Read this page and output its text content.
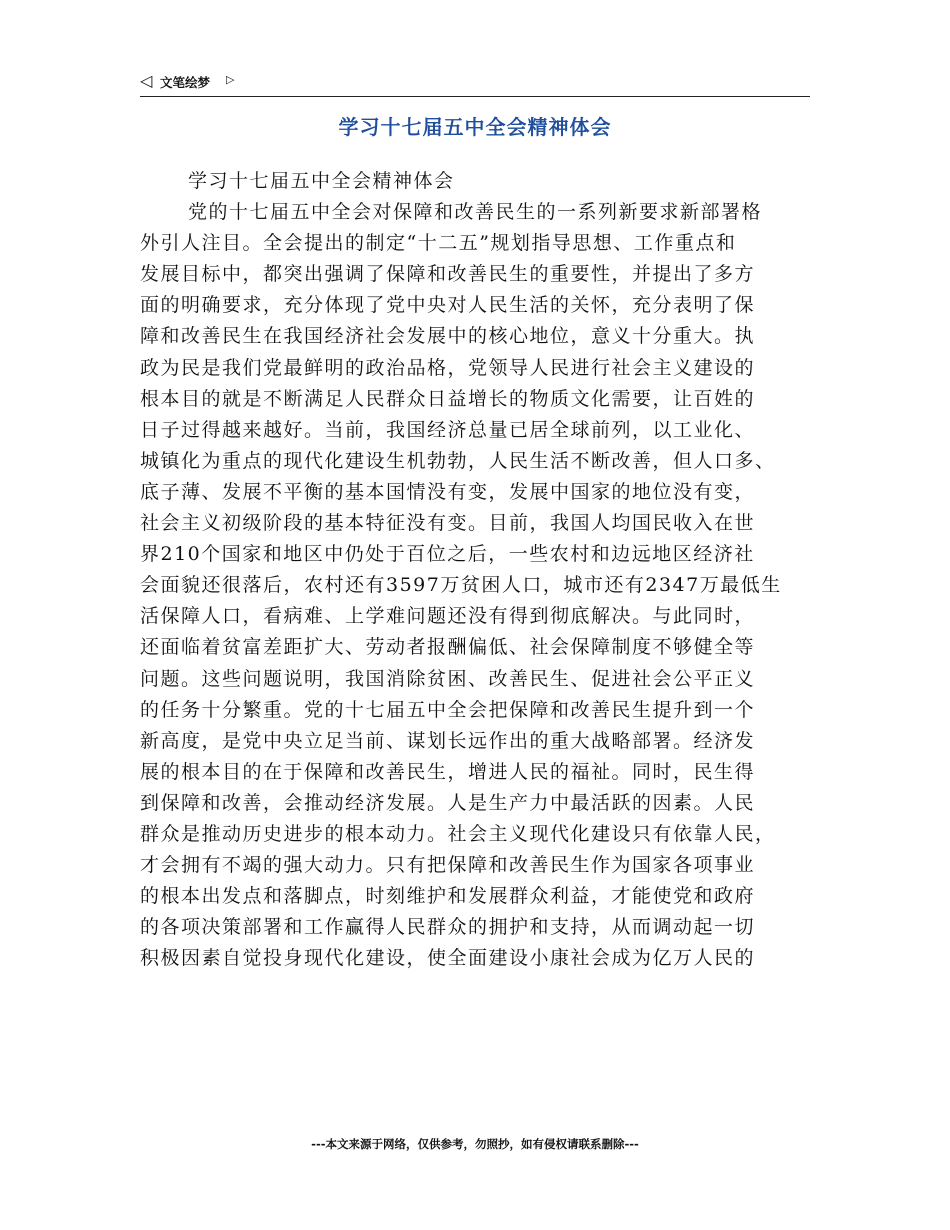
◁ 文笔绘梦 ▷
学习十七届五中全会精神体会
学习十七届五中全会精神体会
党的十七届五中全会对保障和改善民生的一系列新要求新部署格
外引人注目。全会提出的制定“十二五”规划指导思想、工作重点和
发展目标中，都突出强调了保障和改善民生的重要性，并提出了多方
面的明确要求，充分体现了党中央对人民生活的关怀，充分表明了保
障和改善民生在我国经济社会发展中的核心地位，意义十分重大。执
政为民是我们党最鲜明的政治品格，党领导人民进行社会主义建设的
根本目的就是不断满足人民群众日益增长的物质文化需要，让百姓的
日子过得越来越好。当前，我国经济总量已居全球前列，以工业化、
城镇化为重点的现代化建设生机勃勃，人民生活不断改善，但人口多、
底子薄、发展不平衡的基本国情没有变，发展中国家的地位没有变，
社会主义初级阶段的基本特征没有变。目前，我国人均国民收入在世
界210个国家和地区中仍处于百位之后，一些农村和边远地区经济社
会面貌还很落后，农村还有3597万贫困人口，城市还有2347万最低生
活保障人口，看病难、上学难问题还没有得到彻底解决。与此同时，
还面临着贫富差距扩大、劳动者报酬偏低、社会保障制度不够健全等
问题。这些问题说明，我国消除贫困、改善民生、促进社会公平正义
的任务十分繁重。党的十七届五中全会把保障和改善民生提升到一个
新高度，是党中央立足当前、谋划长远作出的重大战略部署。经济发
展的根本目的在于保障和改善民生，增进人民的福祉。同时，民生得
到保障和改善，会推动经济发展。人是生产力中最活跃的因素。人民
群众是推动历史进步的根本动力。社会主义现代化建设只有依靠人民，
才会拥有不竭的强大动力。只有把保障和改善民生作为国家各项事业
的根本出发点和落脚点，时刻维护和发展群众利益，才能使党和政府
的各项决策部署和工作赢得人民群众的拥护和支持，从而调动起一切
积极因素自觉投身现代化建设，使全面建设小康社会成为亿万人民的
---本文来源于网络，仅供参考，勿照抄，如有侵权请联系删除---
